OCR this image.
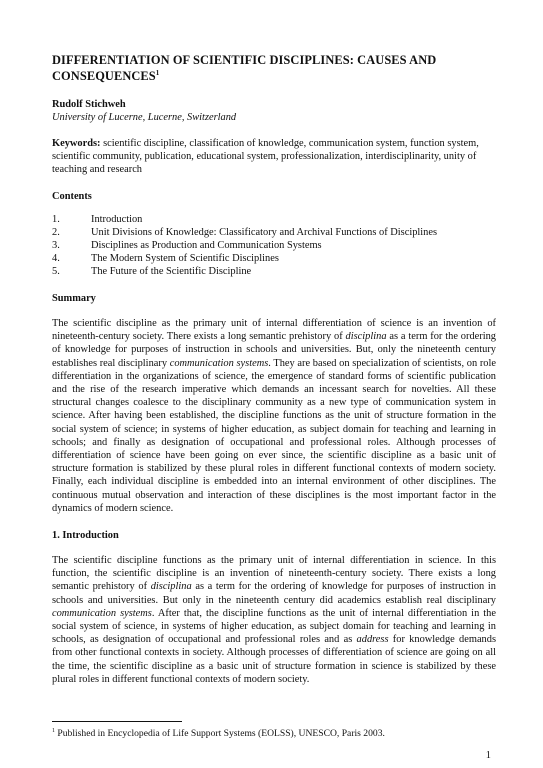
DIFFERENTIATION OF SCIENTIFIC DISCIPLINES: CAUSES AND CONSEQUENCES$^1$
Rudolf Stichweh
University of Lucerne, Lucerne, Switzerland
Keywords: scientific discipline, classification of knowledge, communication system, function system, scientific community, publication, educational system, professionalization, interdisciplinarity, unity of teaching and research
Contents
1.	Introduction
2.	Unit Divisions of Knowledge: Classificatory and Archival Functions of Disciplines
3.	Disciplines as Production and Communication Systems
4.	The Modern System of Scientific Disciplines
5.	The Future of the Scientific Discipline
Summary

The scientific discipline as the primary unit of internal differentiation of science is an invention of nineteenth-century society. There exists a long semantic prehistory of disciplina as a term for the ordering of knowledge for purposes of instruction in schools and universities. But, only the nineteenth century establishes real disciplinary communication systems. They are based on specialization of scientists, on role differentiation in the organizations of science, the emergence of standard forms of scientific publication and the rise of the research imperative which demands an incessant search for novelties. All these structural changes coalesce to the disciplinary community as a new type of communication system in science. After having been established, the discipline functions as the unit of structure formation in the social system of science; in systems of higher education, as subject domain for teaching and learning in schools; and finally as designation of occupational and professional roles. Although processes of differentiation of science have been going on ever since, the scientific discipline as a basic unit of structure formation is stabilized by these plural roles in different functional contexts of modern society. Finally, each individual discipline is embedded into an internal environment of other disciplines. The continuous mutual observation and interaction of these disciplines is the most important factor in the dynamics of modern science.

1. Introduction

The scientific discipline functions as the primary unit of internal differentiation in science. In this function, the scientific discipline is an invention of nineteenth-century society. There exists a long semantic prehistory of disciplina as a term for the ordering of knowledge for purposes of instruction in schools and universities. But only in the nineteenth century did academics establish real disciplinary communication systems. After that, the discipline functions as the unit of internal differentiation in the social system of science, in systems of higher education, as subject domain for teaching and learning in schools, as designation of occupational and professional roles and as address for knowledge demands from other functional contexts in society. Although processes of differentiation of science are going on all the time, the scientific discipline as a basic unit of structure formation in science is stabilized by these plural roles in different functional contexts of modern society.

$^1$ Published in Encyclopedia of Life Support Systems (EOLSS), UNESCO, Paris 2003.
1
